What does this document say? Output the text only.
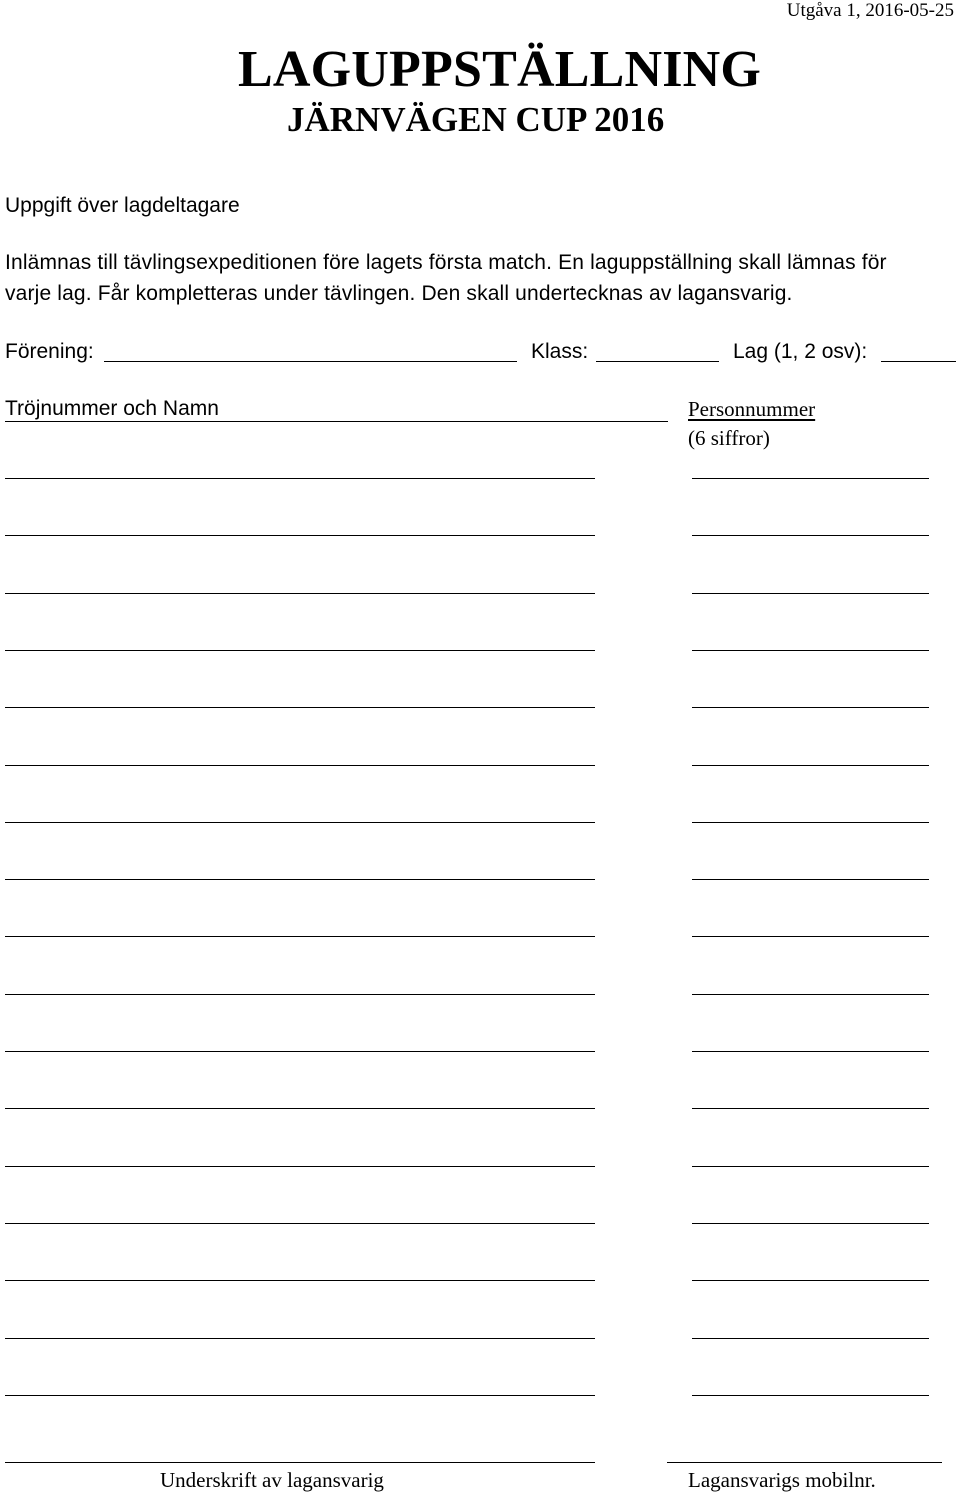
Utgåva 1, 2016-05-25
LAGUPPSTÄLLNING
JÄRNVÄGEN CUP 2016
Uppgift över lagdeltagare
Inlämnas till tävlingsexpeditionen före lagets första match. En laguppställning skall lämnas för
varje lag. Får kompletteras under tävlingen. Den skall undertecknas av lagansvarig.
Förening:	Klass:	Lag (1, 2 osv):
Tröjnummer och Namn	Personnummer
(6 siffror)
Underskrift av lagansvarig	Lagansvarigs mobilnr.
